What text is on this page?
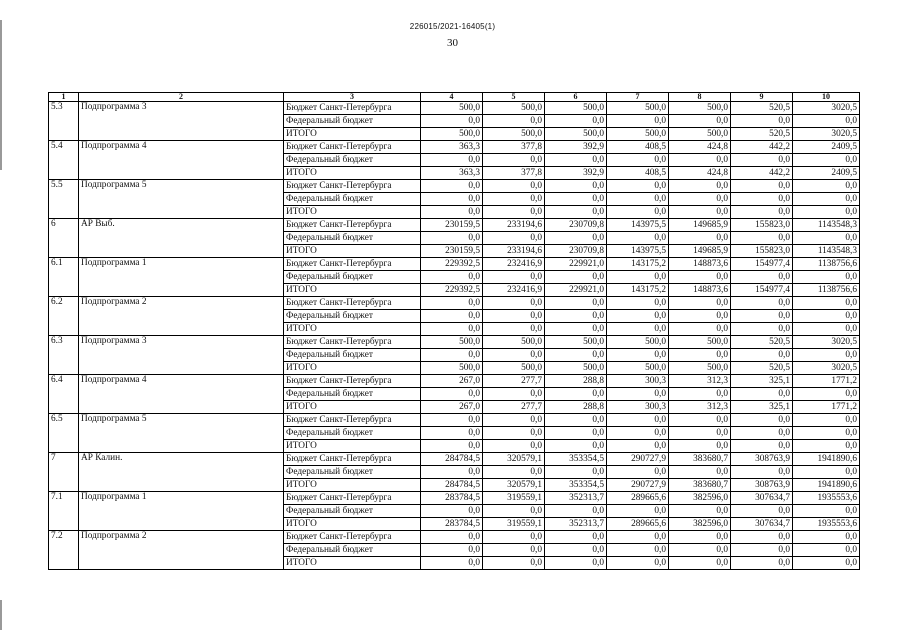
226015/2021-16405(1)
30
1	2	3	4	5	6	7	8	9	10
5.3	Подпрограмма 3	Бюджет Санкт-Петербурга	500,0	500,0	500,0	500,0	500,0	520,5	3020,5
		Федеральный бюджет	0,0	0,0	0,0	0,0	0,0	0,0	0,0
		ИТОГО	500,0	500,0	500,0	500,0	500,0	520,5	3020,5
5.4	Подпрограмма 4	Бюджет Санкт-Петербурга	363,3	377,8	392,9	408,5	424,8	442,2	2409,5
		Федеральный бюджет	0,0	0,0	0,0	0,0	0,0	0,0	0,0
		ИТОГО	363,3	377,8	392,9	408,5	424,8	442,2	2409,5
5.5	Подпрограмма 5	Бюджет Санкт-Петербурга	0,0	0,0	0,0	0,0	0,0	0,0	0,0
		Федеральный бюджет	0,0	0,0	0,0	0,0	0,0	0,0	0,0
		ИТОГО	0,0	0,0	0,0	0,0	0,0	0,0	0,0
6	АР Выб.	Бюджет Санкт-Петербурга	230159,5	233194,6	230709,8	143975,5	149685,9	155823,0	1143548,3
		Федеральный бюджет	0,0	0,0	0,0	0,0	0,0	0,0	0,0
		ИТОГО	230159,5	233194,6	230709,8	143975,5	149685,9	155823,0	1143548,3
6.1	Подпрограмма 1	Бюджет Санкт-Петербурга	229392,5	232416,9	229921,0	143175,2	148873,6	154977,4	1138756,6
		Федеральный бюджет	0,0	0,0	0,0	0,0	0,0	0,0	0,0
		ИТОГО	229392,5	232416,9	229921,0	143175,2	148873,6	154977,4	1138756,6
6.2	Подпрограмма 2	Бюджет Санкт-Петербурга	0,0	0,0	0,0	0,0	0,0	0,0	0,0
		Федеральный бюджет	0,0	0,0	0,0	0,0	0,0	0,0	0,0
		ИТОГО	0,0	0,0	0,0	0,0	0,0	0,0	0,0
6.3	Подпрограмма 3	Бюджет Санкт-Петербурга	500,0	500,0	500,0	500,0	500,0	520,5	3020,5
		Федеральный бюджет	0,0	0,0	0,0	0,0	0,0	0,0	0,0
		ИТОГО	500,0	500,0	500,0	500,0	500,0	520,5	3020,5
6.4	Подпрограмма 4	Бюджет Санкт-Петербурга	267,0	277,7	288,8	300,3	312,3	325,1	1771,2
		Федеральный бюджет	0,0	0,0	0,0	0,0	0,0	0,0	0,0
		ИТОГО	267,0	277,7	288,8	300,3	312,3	325,1	1771,2
6.5	Подпрограмма 5	Бюджет Санкт-Петербурга	0,0	0,0	0,0	0,0	0,0	0,0	0,0
		Федеральный бюджет	0,0	0,0	0,0	0,0	0,0	0,0	0,0
		ИТОГО	0,0	0,0	0,0	0,0	0,0	0,0	0,0
7	АР Калин.	Бюджет Санкт-Петербурга	284784,5	320579,1	353354,5	290727,9	383680,7	308763,9	1941890,6
		Федеральный бюджет	0,0	0,0	0,0	0,0	0,0	0,0	0,0
		ИТОГО	284784,5	320579,1	353354,5	290727,9	383680,7	308763,9	1941890,6
7.1	Подпрограмма 1	Бюджет Санкт-Петербурга	283784,5	319559,1	352313,7	289665,6	382596,0	307634,7	1935553,6
		Федеральный бюджет	0,0	0,0	0,0	0,0	0,0	0,0	0,0
		ИТОГО	283784,5	319559,1	352313,7	289665,6	382596,0	307634,7	1935553,6
7.2	Подпрограмма 2	Бюджет Санкт-Петербурга	0,0	0,0	0,0	0,0	0,0	0,0	0,0
		Федеральный бюджет	0,0	0,0	0,0	0,0	0,0	0,0	0,0
		ИТОГО	0,0	0,0	0,0	0,0	0,0	0,0	0,0
